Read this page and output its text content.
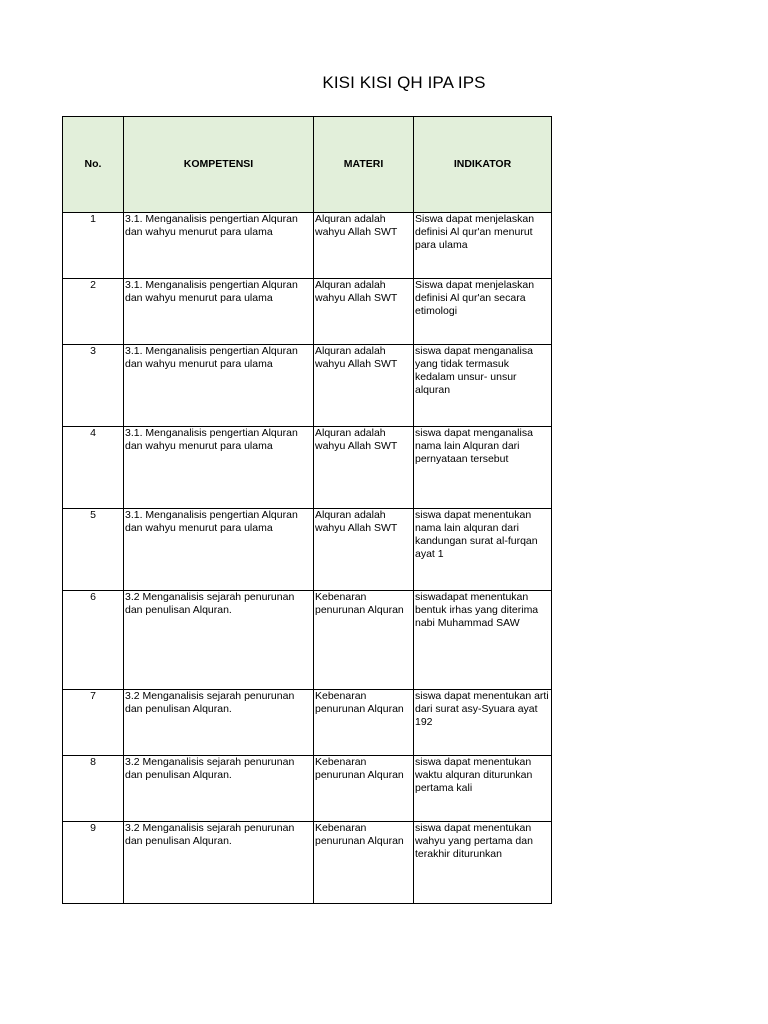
KISI KISI QH IPA IPS
No.	KOMPETENSI	MATERI	INDIKATOR
1	3.1. Menganalisis pengertian Alquran dan wahyu menurut para ulama	Alquran adalah wahyu Allah SWT	Siswa dapat menjelaskan definisi Al qur'an menurut para ulama
2	3.1. Menganalisis pengertian Alquran dan wahyu menurut para ulama	Alquran adalah wahyu Allah SWT	Siswa dapat menjelaskan definisi Al qur'an secara etimologi
3	3.1. Menganalisis pengertian Alquran dan wahyu menurut para ulama	Alquran adalah wahyu Allah SWT	siswa dapat menganalisa yang tidak termasuk kedalam unsur- unsur alquran
4	3.1. Menganalisis pengertian Alquran dan wahyu menurut para ulama	Alquran adalah wahyu Allah SWT	siswa dapat menganalisa nama lain Alquran dari pernyataan tersebut
5	3.1. Menganalisis pengertian Alquran dan wahyu menurut para ulama	Alquran adalah wahyu Allah SWT	siswa dapat menentukan nama lain alquran dari kandungan surat al-furqan ayat 1
6	3.2 Menganalisis sejarah penurunan dan penulisan Alquran.	Kebenaran penurunan Alquran	siswadapat menentukan bentuk irhas yang diterima nabi Muhammad SAW
7	3.2 Menganalisis sejarah penurunan dan penulisan Alquran.	Kebenaran penurunan Alquran	siswa dapat menentukan arti dari surat asy-Syuara ayat 192
8	3.2 Menganalisis sejarah penurunan dan penulisan Alquran.	Kebenaran penurunan Alquran	siswa dapat menentukan waktu alquran diturunkan pertama kali
9	3.2 Menganalisis sejarah penurunan dan penulisan Alquran.	Kebenaran penurunan Alquran	siswa dapat menentukan wahyu yang pertama dan terakhir diturunkan
